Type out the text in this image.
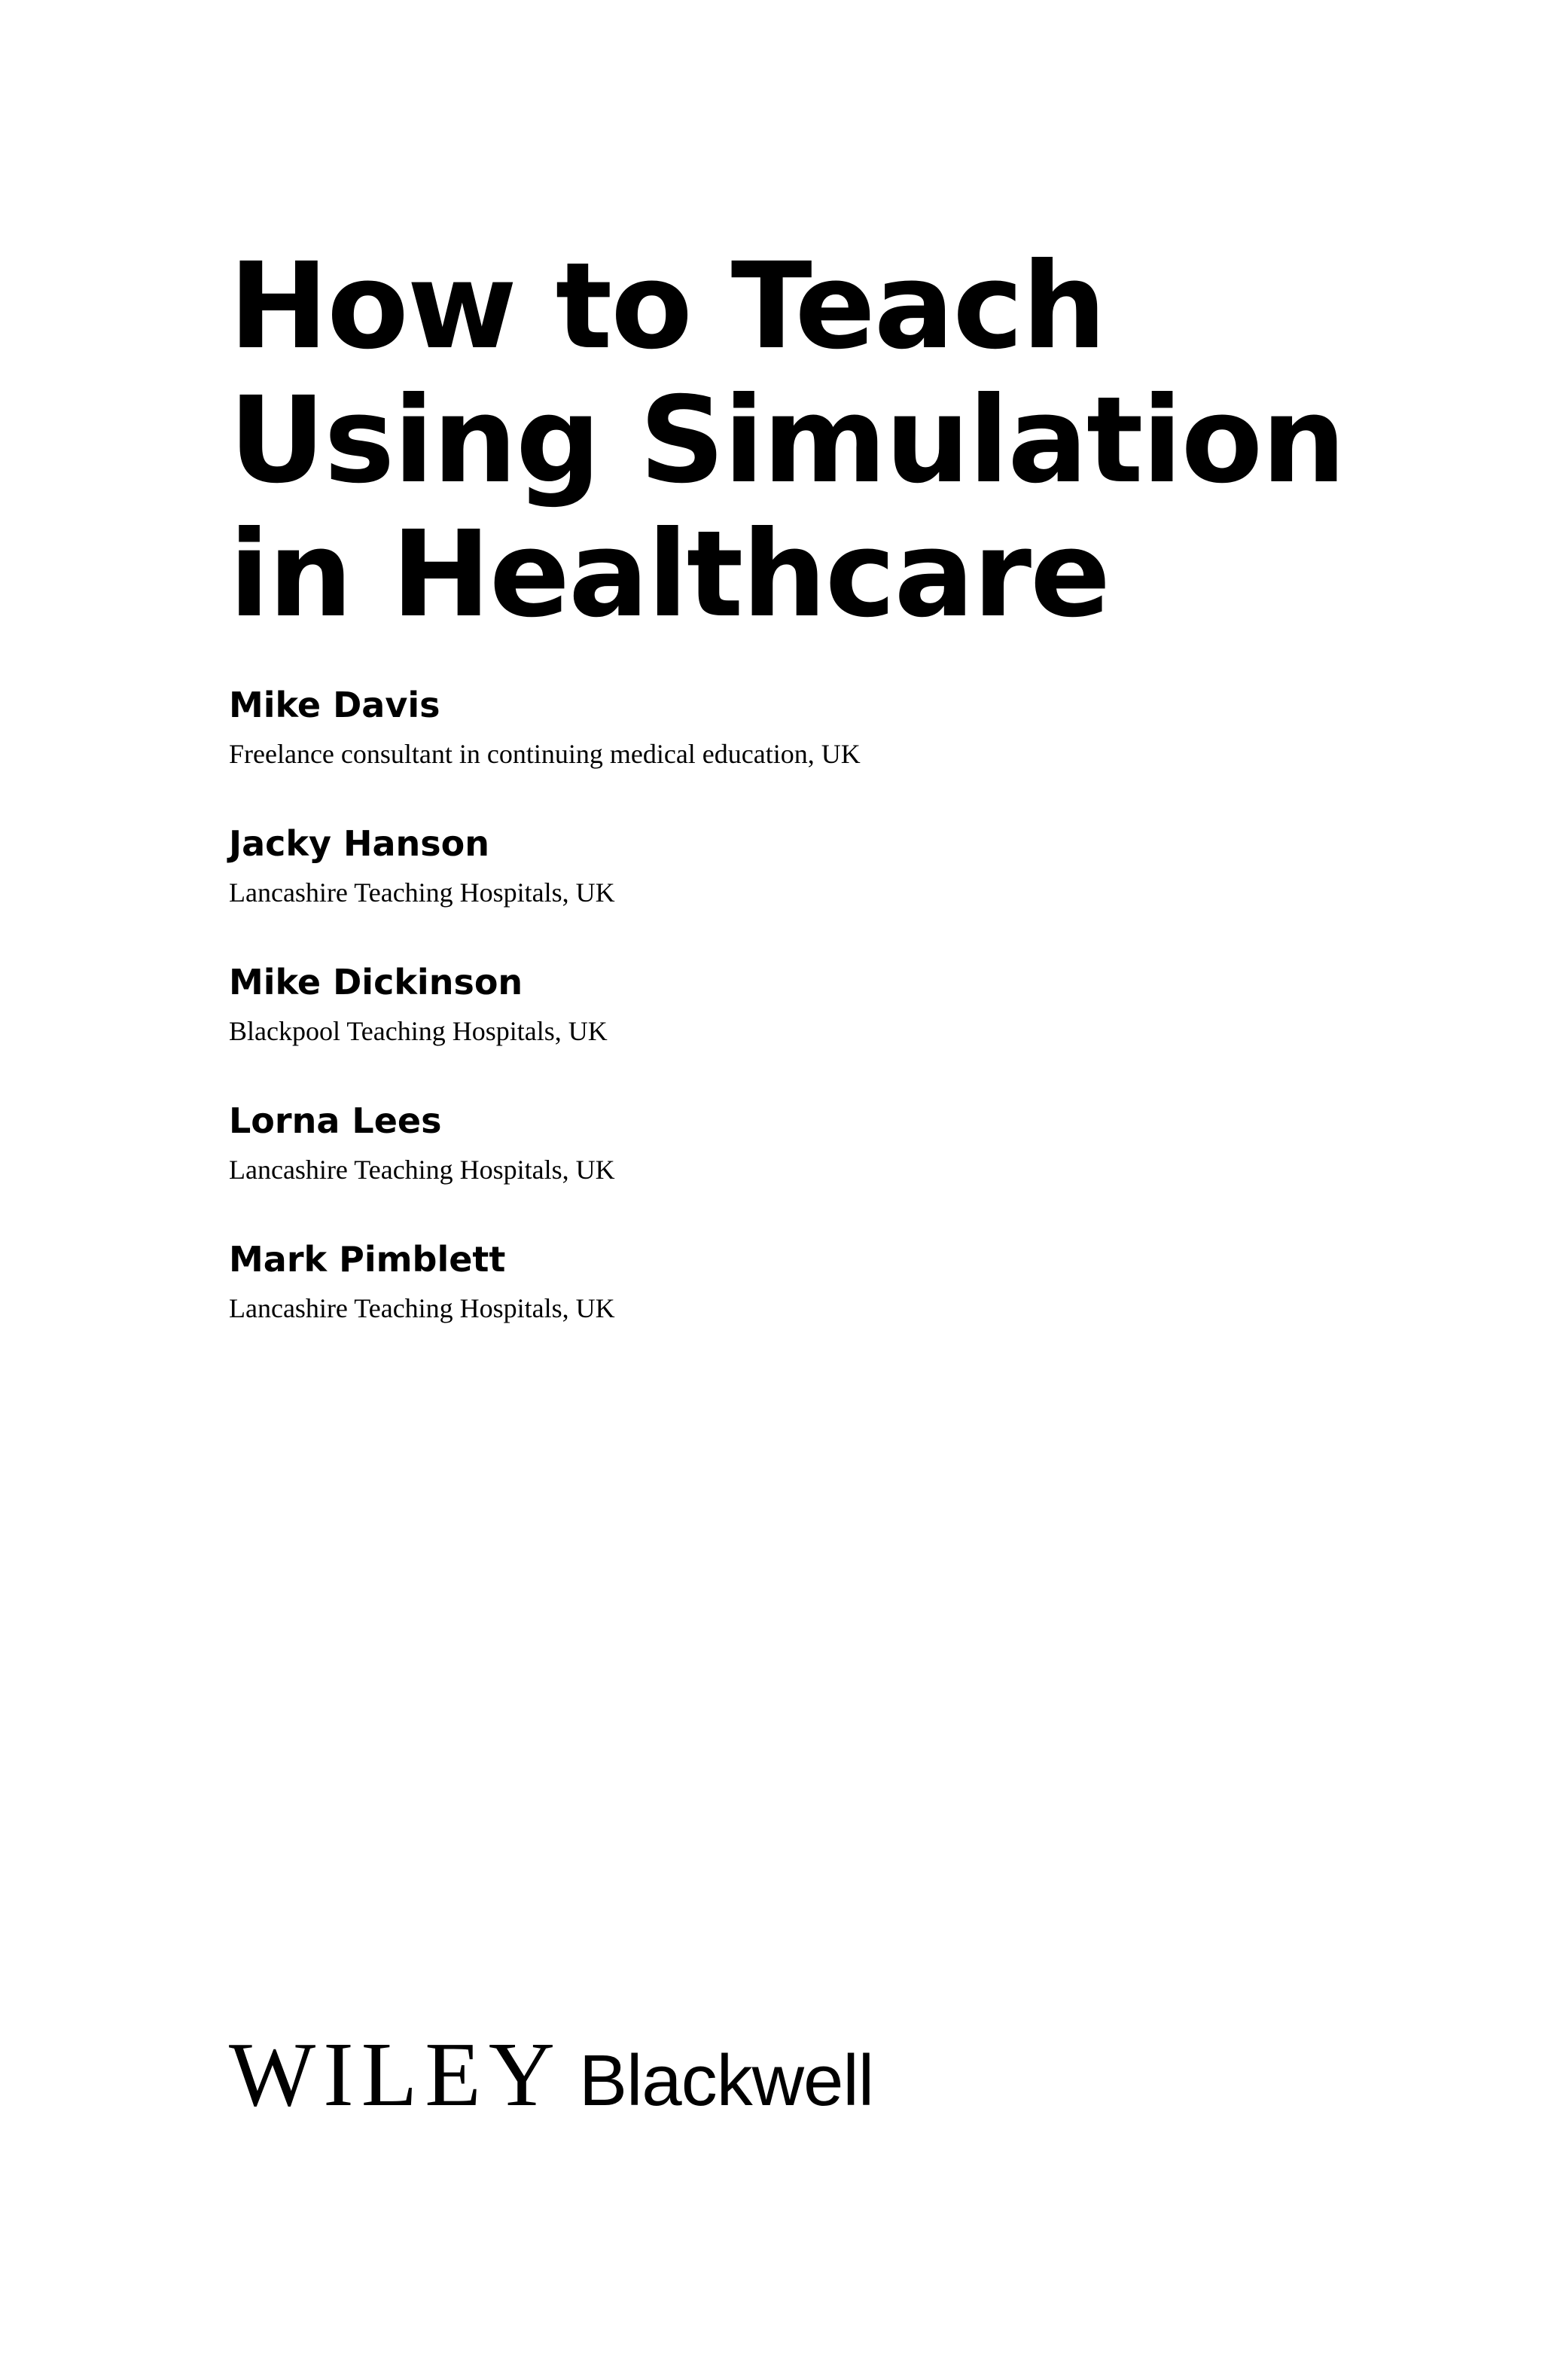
How to Teach
Using Simulation
in Healthcare
Mike Davis
Freelance consultant in continuing medical education, UK
Jacky Hanson
Lancashire Teaching Hospitals, UK
Mike Dickinson
Blackpool Teaching Hospitals, UK
Lorna Lees
Lancashire Teaching Hospitals, UK
Mark Pimblett
Lancashire Teaching Hospitals, UK
WILEY Blackwell
